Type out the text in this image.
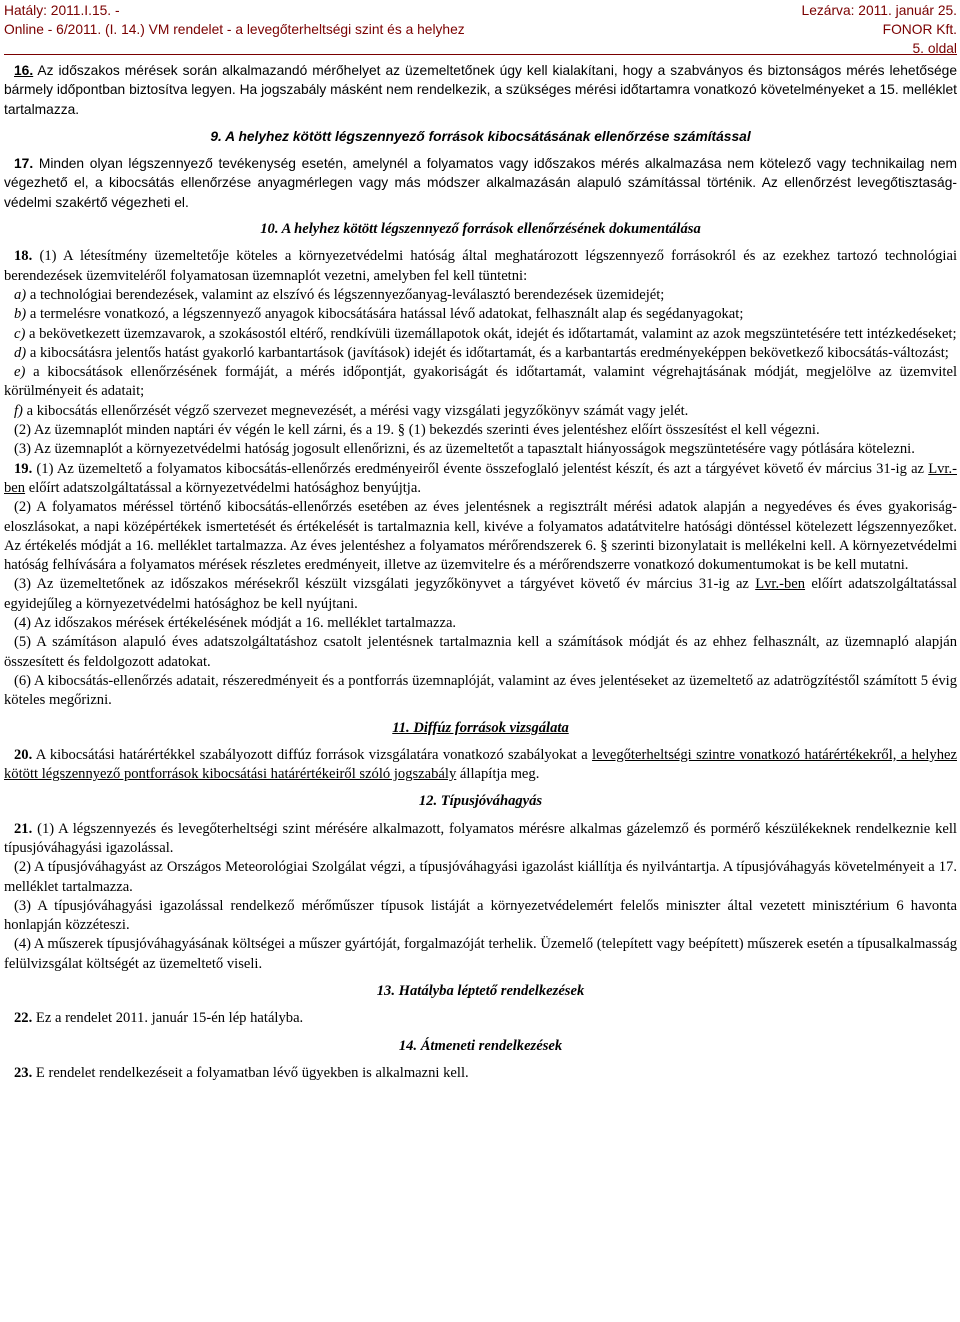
Hatály: 2011.I.15. -
Online - 6/2011. (I. 14.) VM rendelet - a levegőterheltségi szint és a helyhez
Lezárva: 2011. január 25.
FONOR Kft.
5. oldal

16. Az időszakos mérések során alkalmazandó mérőhelyet az üzemeltetőnek úgy kell kialakítani, hogy a szabványos és biztonságos mérés lehetősége bármely időpontban biztosítva legyen. Ha jogszabály másként nem rendelkezik, a szükséges mérési időtartamra vonatkozó követelményeket a 15. melléklet tartalmazza.

9. A helyhez kötött légszennyező források kibocsátásának ellenőrzése számítással

17. Minden olyan légszennyező tevékenység esetén, amelynél a folyamatos vagy időszakos mérés alkalmazása nem kötelező vagy technikailag nem végezhető el, a kibocsátás ellenőrzése anyagmérlegen vagy más módszer alkalmazásán alapuló számítással történik. Az ellenőrzést levegőtisztaság-védelmi szakértő végezheti el.

10. A helyhez kötött légszennyező források ellenőrzésének dokumentálása

18. (1) A létesítmény üzemeltetője köteles a környezetvédelmi hatóság által meghatározott légszennyező forrásokról és az ezekhez tartozó technológiai berendezések üzemviteléről folyamatosan üzemnaplót vezetni, amelyben fel kell tüntetni:

a) a technológiai berendezések, valamint az elszívó és légszennyezőanyag-leválasztó berendezések üzemidejét;

b) a termelésre vonatkozó, a légszennyező anyagok kibocsátására hatással lévő adatokat, felhasznált alap és segédanyagokat;

c) a bekövetkezett üzemzavarok, a szokásostól eltérő, rendkívüli üzemállapotok okát, idejét és időtartamát, valamint az azok megszüntetésére tett intézkedéseket;

d) a kibocsátásra jelentős hatást gyakorló karbantartások (javítások) idejét és időtartamát, és a karbantartás eredményeképpen bekövetkező kibocsátás-változást;

e) a kibocsátások ellenőrzésének formáját, a mérés időpontját, gyakoriságát és időtartamát, valamint végrehajtásának módját, megjelölve az üzemvitel körülményeit és adatait;

f) a kibocsátás ellenőrzését végző szervezet megnevezését, a mérési vagy vizsgálati jegyzőkönyv számát vagy jelét.

(2) Az üzemnaplót minden naptári év végén le kell zárni, és a 19. § (1) bekezdés szerinti éves jelentéshez előírt összesítést el kell végezni.

(3) Az üzemnaplót a környezetvédelmi hatóság jogosult ellenőrizni, és az üzemeltetőt a tapasztalt hiányosságok megszüntetésére vagy pótlására kötelezni.

19. (1) Az üzemeltető a folyamatos kibocsátás-ellenőrzés eredményeiről évente összefoglaló jelentést készít, és azt a tárgyévet követő év március 31-ig az Lvr.-ben előírt adatszolgáltatással a környezetvédelmi hatósághoz benyújtja.

(2) A folyamatos méréssel történő kibocsátás-ellenőrzés esetében az éves jelentésnek a regisztrált mérési adatok alapján a negyedéves és éves gyakoriság-eloszlásokat, a napi középértékek ismertetését és értékelését is tartalmaznia kell, kivéve a folyamatos adatátvitelre hatósági döntéssel kötelezett légszennyezőket. Az értékelés módját a 16. melléklet tartalmazza. Az éves jelentéshez a folyamatos mérőrendszerek 6. § szerinti bizonylatait is mellékelni kell. A környezetvédelmi hatóság felhívására a folyamatos mérések részletes eredményeit, illetve az üzemvitelre és a mérőrendszerre vonatkozó dokumentumokat is be kell mutatni.

(3) Az üzemeltetőnek az időszakos mérésekről készült vizsgálati jegyzőkönyvet a tárgyévet követő év március 31-ig az Lvr.-ben előírt adatszolgáltatással egyidejűleg a környezetvédelmi hatósághoz be kell nyújtani.

(4) Az időszakos mérések értékelésének módját a 16. melléklet tartalmazza.

(5) A számításon alapuló éves adatszolgáltatáshoz csatolt jelentésnek tartalmaznia kell a számítások módját és az ehhez felhasznált, az üzemnapló alapján összesített és feldolgozott adatokat.

(6) A kibocsátás-ellenőrzés adatait, részeredményeit és a pontforrás üzemnaplóját, valamint az éves jelentéseket az üzemeltető az adatrögzítéstől számított 5 évig köteles megőrizni.

11. Diffúz források vizsgálata

20. A kibocsátási határértékkel szabályozott diffúz források vizsgálatára vonatkozó szabályokat a levegőterheltségi szintre vonatkozó határértékekről, a helyhez kötött légszennyező pontforrások kibocsátási határértékeiről szóló jogszabály állapítja meg.

12. Típusjóváhagyás

21. (1) A légszennyezés és levegőterheltségi szint mérésére alkalmazott, folyamatos mérésre alkalmas gázelemző és pormérő készülékeknek rendelkeznie kell típusjóváhagyási igazolással.

(2) A típusjóváhagyást az Országos Meteorológiai Szolgálat végzi, a típusjóváhagyási igazolást kiállítja és nyilvántartja. A típusjóváhagyás követelményeit a 17. melléklet tartalmazza.

(3) A típusjóváhagyási igazolással rendelkező mérőműszer típusok listáját a környezetvédelemért felelős miniszter által vezetett minisztérium 6 havonta honlapján közzéteszi.

(4) A műszerek típusjóváhagyásának költségei a műszer gyártóját, forgalmazóját terhelik. Üzemelő (telepített vagy beépített) műszerek esetén a típusalkalmasság felülvizsgálat költségét az üzemeltető viseli.

13. Hatályba léptető rendelkezések

22. Ez a rendelet 2011. január 15-én lép hatályba.

14. Átmeneti rendelkezések

23. E rendelet rendelkezéseit a folyamatban lévő ügyekben is alkalmazni kell.
